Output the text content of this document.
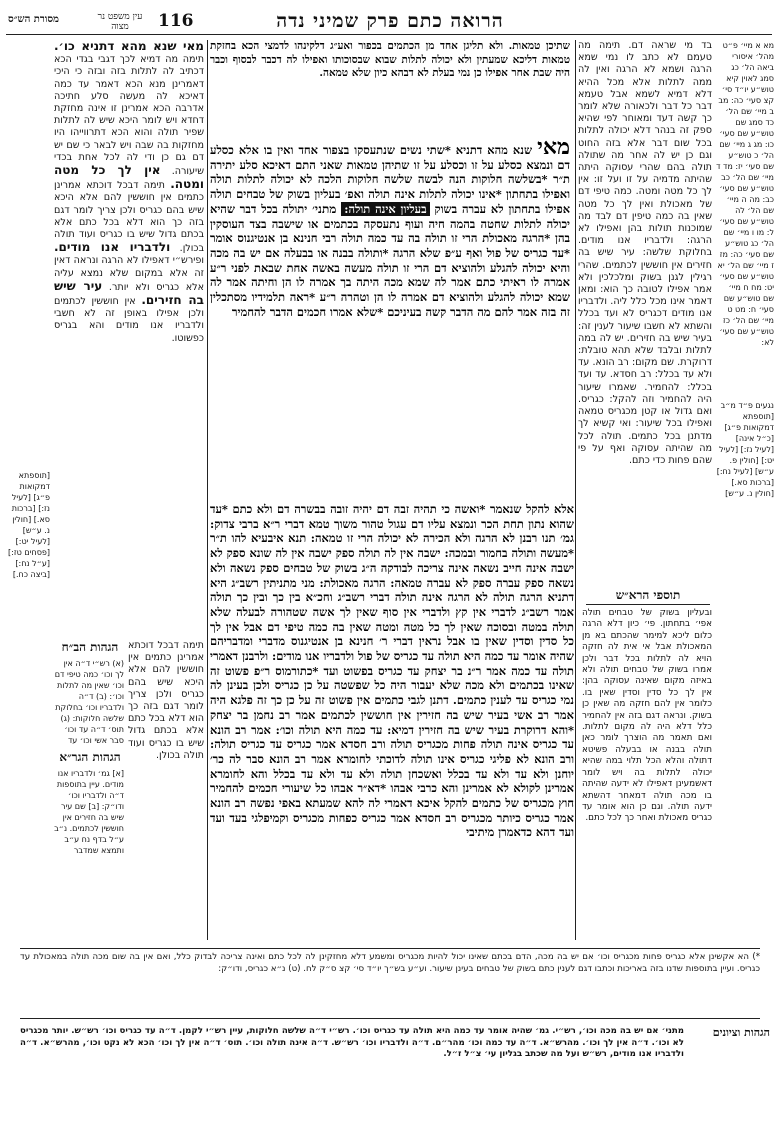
מסורת הש״ס	עין משפט נר מצוה	116	הרואה כתם פרק שמיני נדה
[תוספתא דמקואות פ״ג] [לעיל נז:] [ברכות סא.] [חולין נ. ע״ש] [לעיל יט:] [פסחים טז:] [ע״ל נח:] [ביצה כח.]
הגהות הב״ח
(א) רש״י ד״ה אין לך וכו׳ כמה טיפי דם וכו׳ שאין מה לתלות וכו׳: (ב) ד״ה ולדבריו וכו׳ בחלוקת שלשה חלוקות: (ג) תוס׳ ד״ה עד וכו׳ סבר אשי וכו׳ עד
הגהות הגר״א
[א] גמ׳ ולדבריו אנו מודים. עיין בתוספות ד״ה ולדבריו וכו׳ ודו״ק: [ב] שם עיר שיש בה חזירים אין חוששין לכתמים. נ״ב ע״ל בדף נח ע״ב ותמצא שמדבר
מאי שנא מהא דתניא כו׳. תימה מה דמיא לכך דגבי בגדי הכא דכתיב לה לתלות בזה ובזה כי היכי דאמרינן מנא הכא דאמר עד כמה דאיכא לה מעשה סלע חתיכה אדרבה הכא אמרינן זו אינה מחזקת דחדא ויש לומר היכא שיש לה לתלות שפיר תולה והוא הכא דתרווייהו היו מחזקות בה שבה ויש לבאר כי שם יש דם גם כן ודי לה לכל אחת בכדי שיעורה. אין לך כל מטה ומטה. תימה דבכל דוכתא אמרינן כתמים אין חוששין להם אלא היכא שיש בהם כגריס ולכן צריך לומר דגם בזה כך הוא דלא בכל כתם אלא בכתם גדול שיש בו כגריס ועוד תולה בכולן. ולדבריו אנו מודים. ופירש״י דאפילו לא הרגה ונראה דאין זה אלא במקום שלא נמצא עליה אלא כגריס ולא יותר. עיר שיש בה חזירים. אין חוששין לכתמים ולכן אפילו באופן זה לא חשבי ולדבריו אנו מודים והא בגריס כפשוטו.
תימה דבכל דוכתא אמרינן כתמים אין חוששין להם אלא היכא שיש בהם כגריס ולכן צריך לומר דגם בזה כך הוא דלא בכל כתם אלא בכתם גדול שיש בו כגריס ועוד תולה בכולן.
שתיכן טמאות. ולא תליגן אחד מן הכתמים בכפור ואע״ג דלקינהו לדמצי הכא בחזקת טמאות דליכא שמעתין ולא יכולה לתלות שבוא שבסוכותו ואפילו לה דכבר לבסוף וכבר היה שבת אחר אפילו כן נמי בעלת לא דבהא כיון שלא טמאה.
מאי שנא מהא דתניא *שתי נשים שנתעסקו בצפור אחד ואין בו אלא כסלע דם ונמצא כסלע על זו וכסלע על זו שתיהן טמאות שאני התם דאיכא סלע יתירה ת״ר *בשלשה חלוקות הנה לבשה שלשה חלוקות הלכה לא יכולה לתלות תולה ואפילו בתחתון *אינו יכולה לתלות אינה תולה ואפ׳ בעליון בשוק של טבחים תולה אפילו בתחתון לא עברה בשוק בעליון אינה תולה: מתני׳ יתולה בכל דבר שהיא יכולה לתלות שחטה בהמה חיה ועוף נתעסקה בכתמים או שישבה בצד העוסקין בהן *הרגה מאכולת הרי זו תולה בה עד כמה תולה רבי חנינא בן אנטיגנוס אומר *עד כגריס של פול ואף ע״פ שלא הרגה *ותולה בבנה או בבעלה אם יש בה מכה והיא יכולה להגלע ולהוציא דם הרי זו תולה מעשה באשה אחת שבאת לפני ר״ע אמרה לו ראיתי כתם אמר לה שמא מכה היתה בך אמרה לו הן וחיתה אמר לה שמא יכולה להגלע ולהוציא דם אמרה לו הן וטהרה ר״ע *ראה תלמידיו מסתכלין זה בזה אמר להם מה הדבר קשה בעיניכם *שלא אמרו חכמים הדבר להחמיר
אלא להקל שנאמר *ואשה כי תהיה זבה דם יהיה זובה בבשרה דם ולא כתם *עד שהוא נתון תחת הכר ונמצא עליו דם עגול טהור משוך טמא דברי ר״א ברבי צדוק: גמ׳ תנו רבנן לא הרגה ולא הכירה לא יכולה הרי זו טמאה: תנא איבעיא להו ת״ר *מעשה ותולה בחמור ובמכה: ישבה אין לה תולה ספק ישבה אין לה שונא ספק לא ישבה אינה חייב נשאה אינה צריכה לבודקה ה״ג בשוק של טבחים ספק נשאה ולא נשאה ספק עברה ספק לא עברה טמאה: הרגה מאכולת: מני מתניתין רשב״ג היא דתניא הרגה תולה לא הרגה אינה תולה דברי רשב״ג וחכ״א בין כך ובין כך תולה אמר רשב״ג לדברי אין קץ ולדברי אין סוף שאין לך אשה שטהורה לבעלה שלא תולה במטה ובסוכה שאין לך כל מטה ומטה שאין בה כמה טיפי דם אבל אין לך כל סדין וסדין שאין בו אבל נראין דברי ר׳ חנינא בן אנטיגנוס מדברי ומדבריהם שהיה אומר עד כמה היא תולה עד כגריס של פול ולדבריו אנו מודים: ולרבנן דאמרי תולה עד כמה אמר ר״נ בר יצחק עד כגריס בפשוט ועד *כתורמוס ר״פ פשוט זה שאינו בכתמים ולא מכה שלא יעבור היה כל שפשטה על כן כגריס ולכן בעינן לה נמי כגריס עד לענין כתמים. דתנן לגבי כתמים אין פשוט זה על כן כך זה פלגא היה אמר רב אשי בעיר שיש בה חזירין אין חוששין לכתמים אמר רב נחמן בר יצחק *והא דרוקרת בעיר שיש בה חזירין דמיא: עד כמה היא תולה וכו׳: אמר רב הונא עד כגריס אינה תולה פחות מכגריס תולה ורב חסדא אמר כגריס עד כגריס תולה: ורב הונא לא פליגי כגריס אינו תולה לדוכתי לחומרא אמר רב הונא סבר לה כר׳ יוחנן ולא עד ולא עד בכלל ואשכחן תולה ולא עד ולא עד בכלל והא לחומרא אמרינן לקולא לא אמרינן והא כרבי אבהו *דא״ר אבהו כל שיעורי חכמים להחמיר חוץ מכגריס של כתמים להקל איכא דאמרי לה להא שמעתא באפי נפשה רב הונא אמר כגריס כיותר מכגריס רב חסדא אמר כגריס כפחות מכגריס וקמיפלגי בעד ועד ועד דהא כדאמרן מיתיבי
בד מי שראה דם. תימה מה טעמם לא כתב לו נמי שמא הרגה ושמא לא הרגה ואין לה ממה לתלות אלא מכל ההיא דלא דמיא לשמא אבל טעמא דבר כל דבר ולכאורה שלא לומר כך קשה דעד ומאוחר לפי שהיא ספק זה בנהר דלא יכולה לתלות בכל שום דבר אלא בזה החוט וגם כן יש לה אחר מה שתולה תולה בהם שהרי עסוקה היתה שהיתה מדמיה על זו ועל זו: אין לך כל מטה ומטה. כמה טיפי דם של מאכולת ואין לך כל מטה שאין בה כמה טיפין דם לבד מה שמוכנות תולות בהן ואפילו לא הרגה: ולדבריו אנו מודים. בחלוקת שלשה: עיר שיש בה חזירים אין חוששין לכתמים. שהרי רגילין לגנן בשוק ומלכלכין ולא אמר אפילו לטובה כך הוא: ומאן דאמר אינו מכל כלל ליה. ולדבריו אנו מודים דכגריס לא ועד בכלל והשתא לא חשבו שיעור לענין זה: בעיר שיש בה חזירים. יש לה במה לתלות ובלבד שלא תהא טובלת: דרוקרת. שם מקום: רב הונא. עד ולא עד בכלל: רב חסדא. עד ועד בכלל: להחמיר. שאמרו שיעור היה להחמיר וזה להקל: כגריס. ואם גדול או קטן מכגריס טמאה ואפילו בכל שיעור: ואי קשיא לך מדתנן בכל כתמים. תולה לכל מה שהיתה עסוקה ואף על פי שהם פחות כדי כתם.
תוספי הרא״ש
ובעליון בשוק של טבחים תולה אפי׳ בתחתון. פי׳ כיון דלא הרגה כלום ליכא למימר שהכתם בא מן המאכולת אבל אי אית לה חזקה הויא לה לתלות בכל דבר ולכן אמרו בשוק של טבחים תולה ולא באיזה מקום שאינה עסוקה בהן: אין לך כל סדין וסדין שאין בו. כלומר אין להם חזקה מה שאין כן בשוק. ונראה דגם בזה אין להחמיר כלל דלא היה לה מקום לתלות. ואם תאמר מה הוצרך לומר כאן תולה בבנה או בבעלה פשיטא דתולה והלא הכל תלוי במה שהיא יכולה לתלות בה ויש לומר דאשמעינן דאפילו לא ידעה שהיתה בו מכה תולה דמאחר דהשתא ידעה תולה. וגם כן הוא אומר עד כגריס מאכולת ואחר כך לכל כתם.
מא א מיי׳ פ״ט מהל׳ איסורי ביאה הל׳ כג סמג לאוין קיא טוש״ע יו״ד סי׳ קצ סעי׳ כה: מב ב מיי׳ שם הל׳ כד סמג שם טוש״ע שם סעי׳ כו: מג ג מיי׳ שם הל׳ כ טוש״ע שם סעי׳ יז: מד ד מיי׳ שם הל׳ כב טוש״ע שם סעי׳ כב: מה ה מיי׳ שם הל׳ לה טוש״ע שם סעי׳ ל: מו ו מיי׳ שם הל׳ כג טוש״ע שם סעי׳ כה: מז ז מיי׳ שם הל׳ יא טוש״ע שם סעי׳ יט: מח ח מיי׳ שם טוש״ע שם סעי׳ ח: מט ט מיי׳ שם הל׳ כז טוש״ע שם סעי׳ לא:
נגעים פ״ד מ״ב [תוספתא דמקואות פ״ג] [כ״ל אינה] [לעיל נז:] [לעיל יט:] [חולין פ. ע״ש] [לעיל נח:] [ברכות סא.] [חולין נ. ע״ש]
*) הא אקשינן אלא כגריס פחות מכגריס וכו׳ אם יש בה מכה, הדם בכתם שאינו יכול להיות מכגריס ומשמע דלא מחזקינן לה לכל כתם ואינה צריכה לבדוק כלל, ואם אין בה שום מכה תולה במאכולת עד כגריס. ועיין בתוספות שדנו בזה באריכות וכתבו דגם לענין כתם בשוק של טבחים בעינן שיעור. וע״ע בש״ך יו״ד סי׳ קצ ס״ק לח. (ט) נ״א כגריס, ודו״ק:
הגהות וציונים
מתני׳ אם יש בה מכה וכו׳, רש״י. גמ׳ שהיה אומר עד כמה היא תולה עד כגריס וכו׳. רש״י ד״ה שלשה חלוקות, עיין רש״י לקמן. ד״ה עד כגריס וכו׳ רש״ש. יותר מכגריס לא וכו׳. ד״ה אין לך וכו׳. מהרש״א. ד״ה עד כמה וכו׳ מהר״ם. ד״ה ולדבריו וכו׳ רש״ש. ד״ה אינה תולה וכו׳. תוס׳ ד״ה אין לך וכו׳ הכא לא נקט וכו׳, מהרש״א. ד״ה ולדבריו אנו מודים, רש״ש ועל מה שכתב בגליון עי׳ צ״ל ז״ל.
